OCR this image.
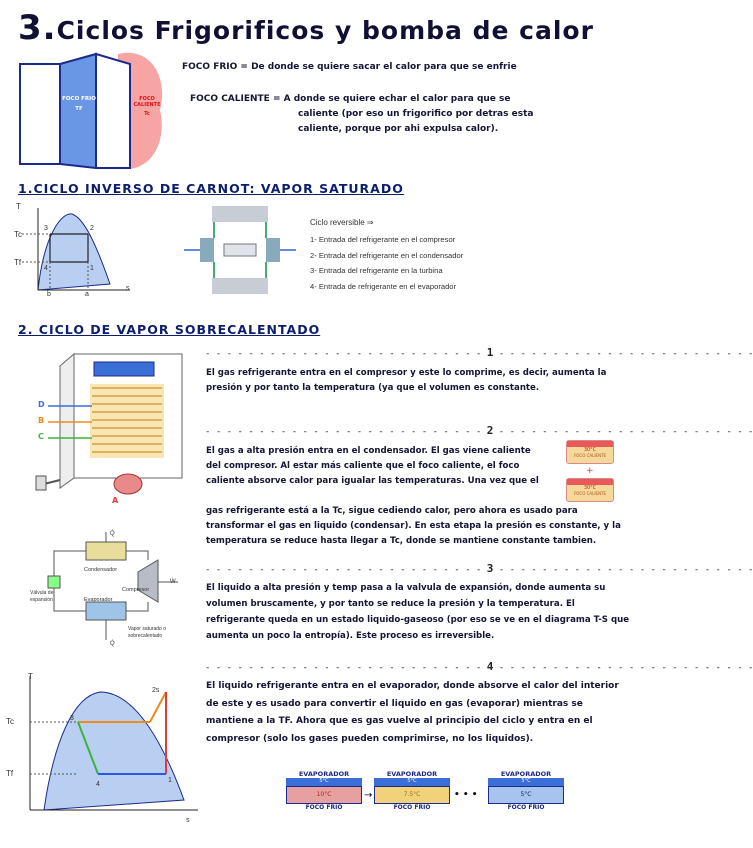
3.Ciclos Frigorificos y bomba de calor
FOCO FRIO
TF
FOCO CALIENTE
Tc
FOCO FRIO = De donde se quiere sacar el calor para que se enfrie
FOCO CALIENTE = A donde se quiere echar el calor para que se
caliente (por eso un frigorifico por detras esta
caliente, porque por ahi expulsa calor).
1.CICLO INVERSO DE CARNOT: VAPOR SATURADO
T
Tc
Tf
3	2
4	1
b	a
s
Ciclo reversible ⇒
1- Entrada del refrigerante en el compresor
2- Entrada del refrigerante en el condensador
3- Entrada del refrigerante en la turbina
4- Entrada de refrigerante en el evaporador
2. CICLO DE VAPOR SOBRECALENTADO
D
B
C
A
Condensador
Compresor
Evaporador
Válvula de expansión
Vapor saturado o sobrecalentado
Q̇
Q̇
Ẇ
T
Tc
Tf
3
2s
4
1
s
- - - - - - - - - - - - - - - - - - - - - - - - - - 1 - - - - - - - - - - - - - - - - - - - - - - - -
El gas refrigerante entra en el compresor y este lo comprime, es decir, aumenta la presión y por tanto la temperatura (ya que el volumen es constante.
- - - - - - - - - - - - - - - - - - - - - - - - - - 2 - - - - - - - - - - - - - - - - - - - - - - - -
El gas a alta presión entra en el condensador. El gas viene caliente del compresor. Al estar más caliente que el foco caliente, el foco caliente absorve calor para igualar las temperaturas. Una vez que el
gas refrigerante está a la Tc, sigue cediendo calor, pero ahora es usado para transformar el gas en liquido (condensar). En esta etapa la presión es constante, y la temperatura se reduce hasta llegar a Tc, donde se mantiene constante tambien.
30°C
FOCO CALIENTE
+
30°C
FOCO CALIENTE
- - - - - - - - - - - - - - - - - - - - - - - - - - 3 - - - - - - - - - - - - - - - - - - - - - - - -
El liquido a alta presión y temp pasa a la valvula de expansión, donde aumenta su volumen bruscamente, y por tanto se reduce la presión y la temperatura. El refrigerante queda en un estado liquido-gaseoso (por eso se ve en el diagrama T-S que aumenta un poco la entropía). Este proceso es irreversible.
- - - - - - - - - - - - - - - - - - - - - - - - - - 4 - - - - - - - - - - - - - - - - - - - - - - - -
El liquido refrigerante entra en el evaporador, donde absorve el calor del interior de este y es usado para convertir el liquido en gas (evaporar) mientras se mantiene a la TF. Ahora que es gas vuelve al principio del ciclo y entra en el compresor (solo los gases pueden comprimirse, no los liquidos).
EVAPORADOR
5°C
10°C
FOCO FRIO
→
EVAPORADOR
5°C
7.5°C
FOCO FRIO
• • •
EVAPORADOR
5°C
5°C
FOCO FRIO
